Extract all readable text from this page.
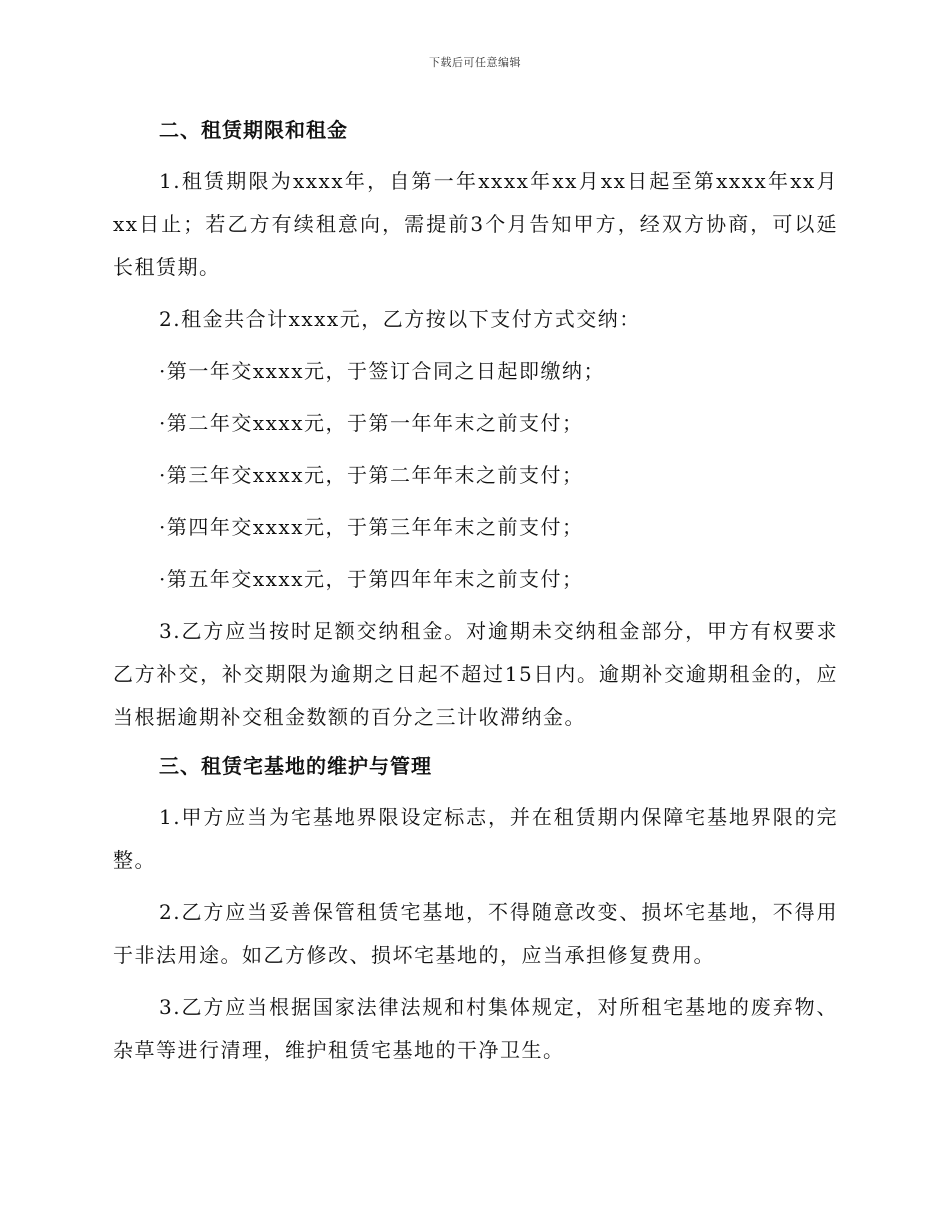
下载后可任意编辑
二、租赁期限和租金

1.租赁期限为xxxx年，自第一年xxxx年xx月xx日起至第xxxx年xx月xx日止；若乙方有续租意向，需提前3个月告知甲方，经双方协商，可以延长租赁期。

2.租金共合计xxxx元，乙方按以下支付方式交纳：

·第一年交xxxx元，于签订合同之日起即缴纳；

·第二年交xxxx元，于第一年年末之前支付；

·第三年交xxxx元，于第二年年末之前支付；

·第四年交xxxx元，于第三年年末之前支付；

·第五年交xxxx元，于第四年年末之前支付；

3.乙方应当按时足额交纳租金。对逾期未交纳租金部分，甲方有权要求乙方补交，补交期限为逾期之日起不超过15日内。逾期补交逾期租金的，应当根据逾期补交租金数额的百分之三计收滞纳金。

三、租赁宅基地的维护与管理

1.甲方应当为宅基地界限设定标志，并在租赁期内保障宅基地界限的完整。

2.乙方应当妥善保管租赁宅基地，不得随意改变、损坏宅基地，不得用于非法用途。如乙方修改、损坏宅基地的，应当承担修复费用。

3.乙方应当根据国家法律法规和村集体规定，对所租宅基地的废弃物、杂草等进行清理，维护租赁宅基地的干净卫生。
